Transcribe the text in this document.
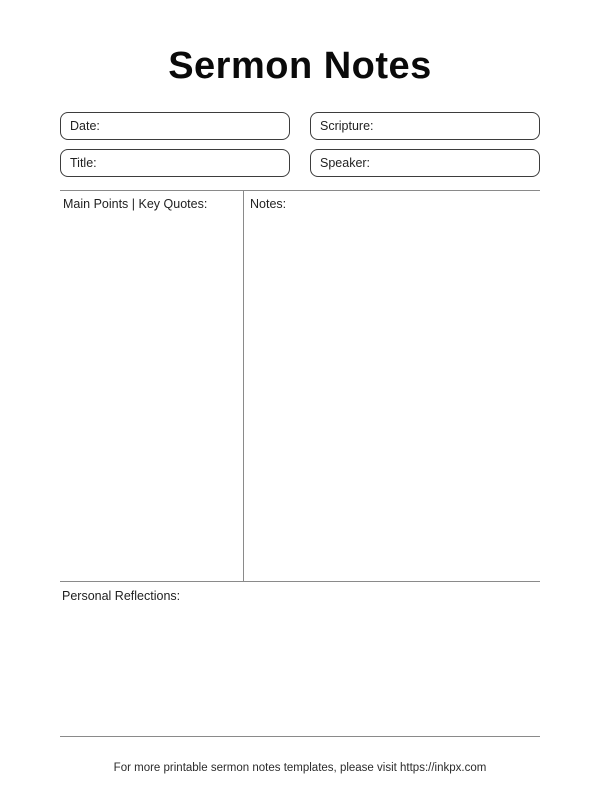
Sermon Notes
Date:	Scripture:
Title:	Speaker:
Main Points | Key Quotes:	Notes:
Personal Reflections:
For more printable sermon notes templates, please visit https://inkpx.com
